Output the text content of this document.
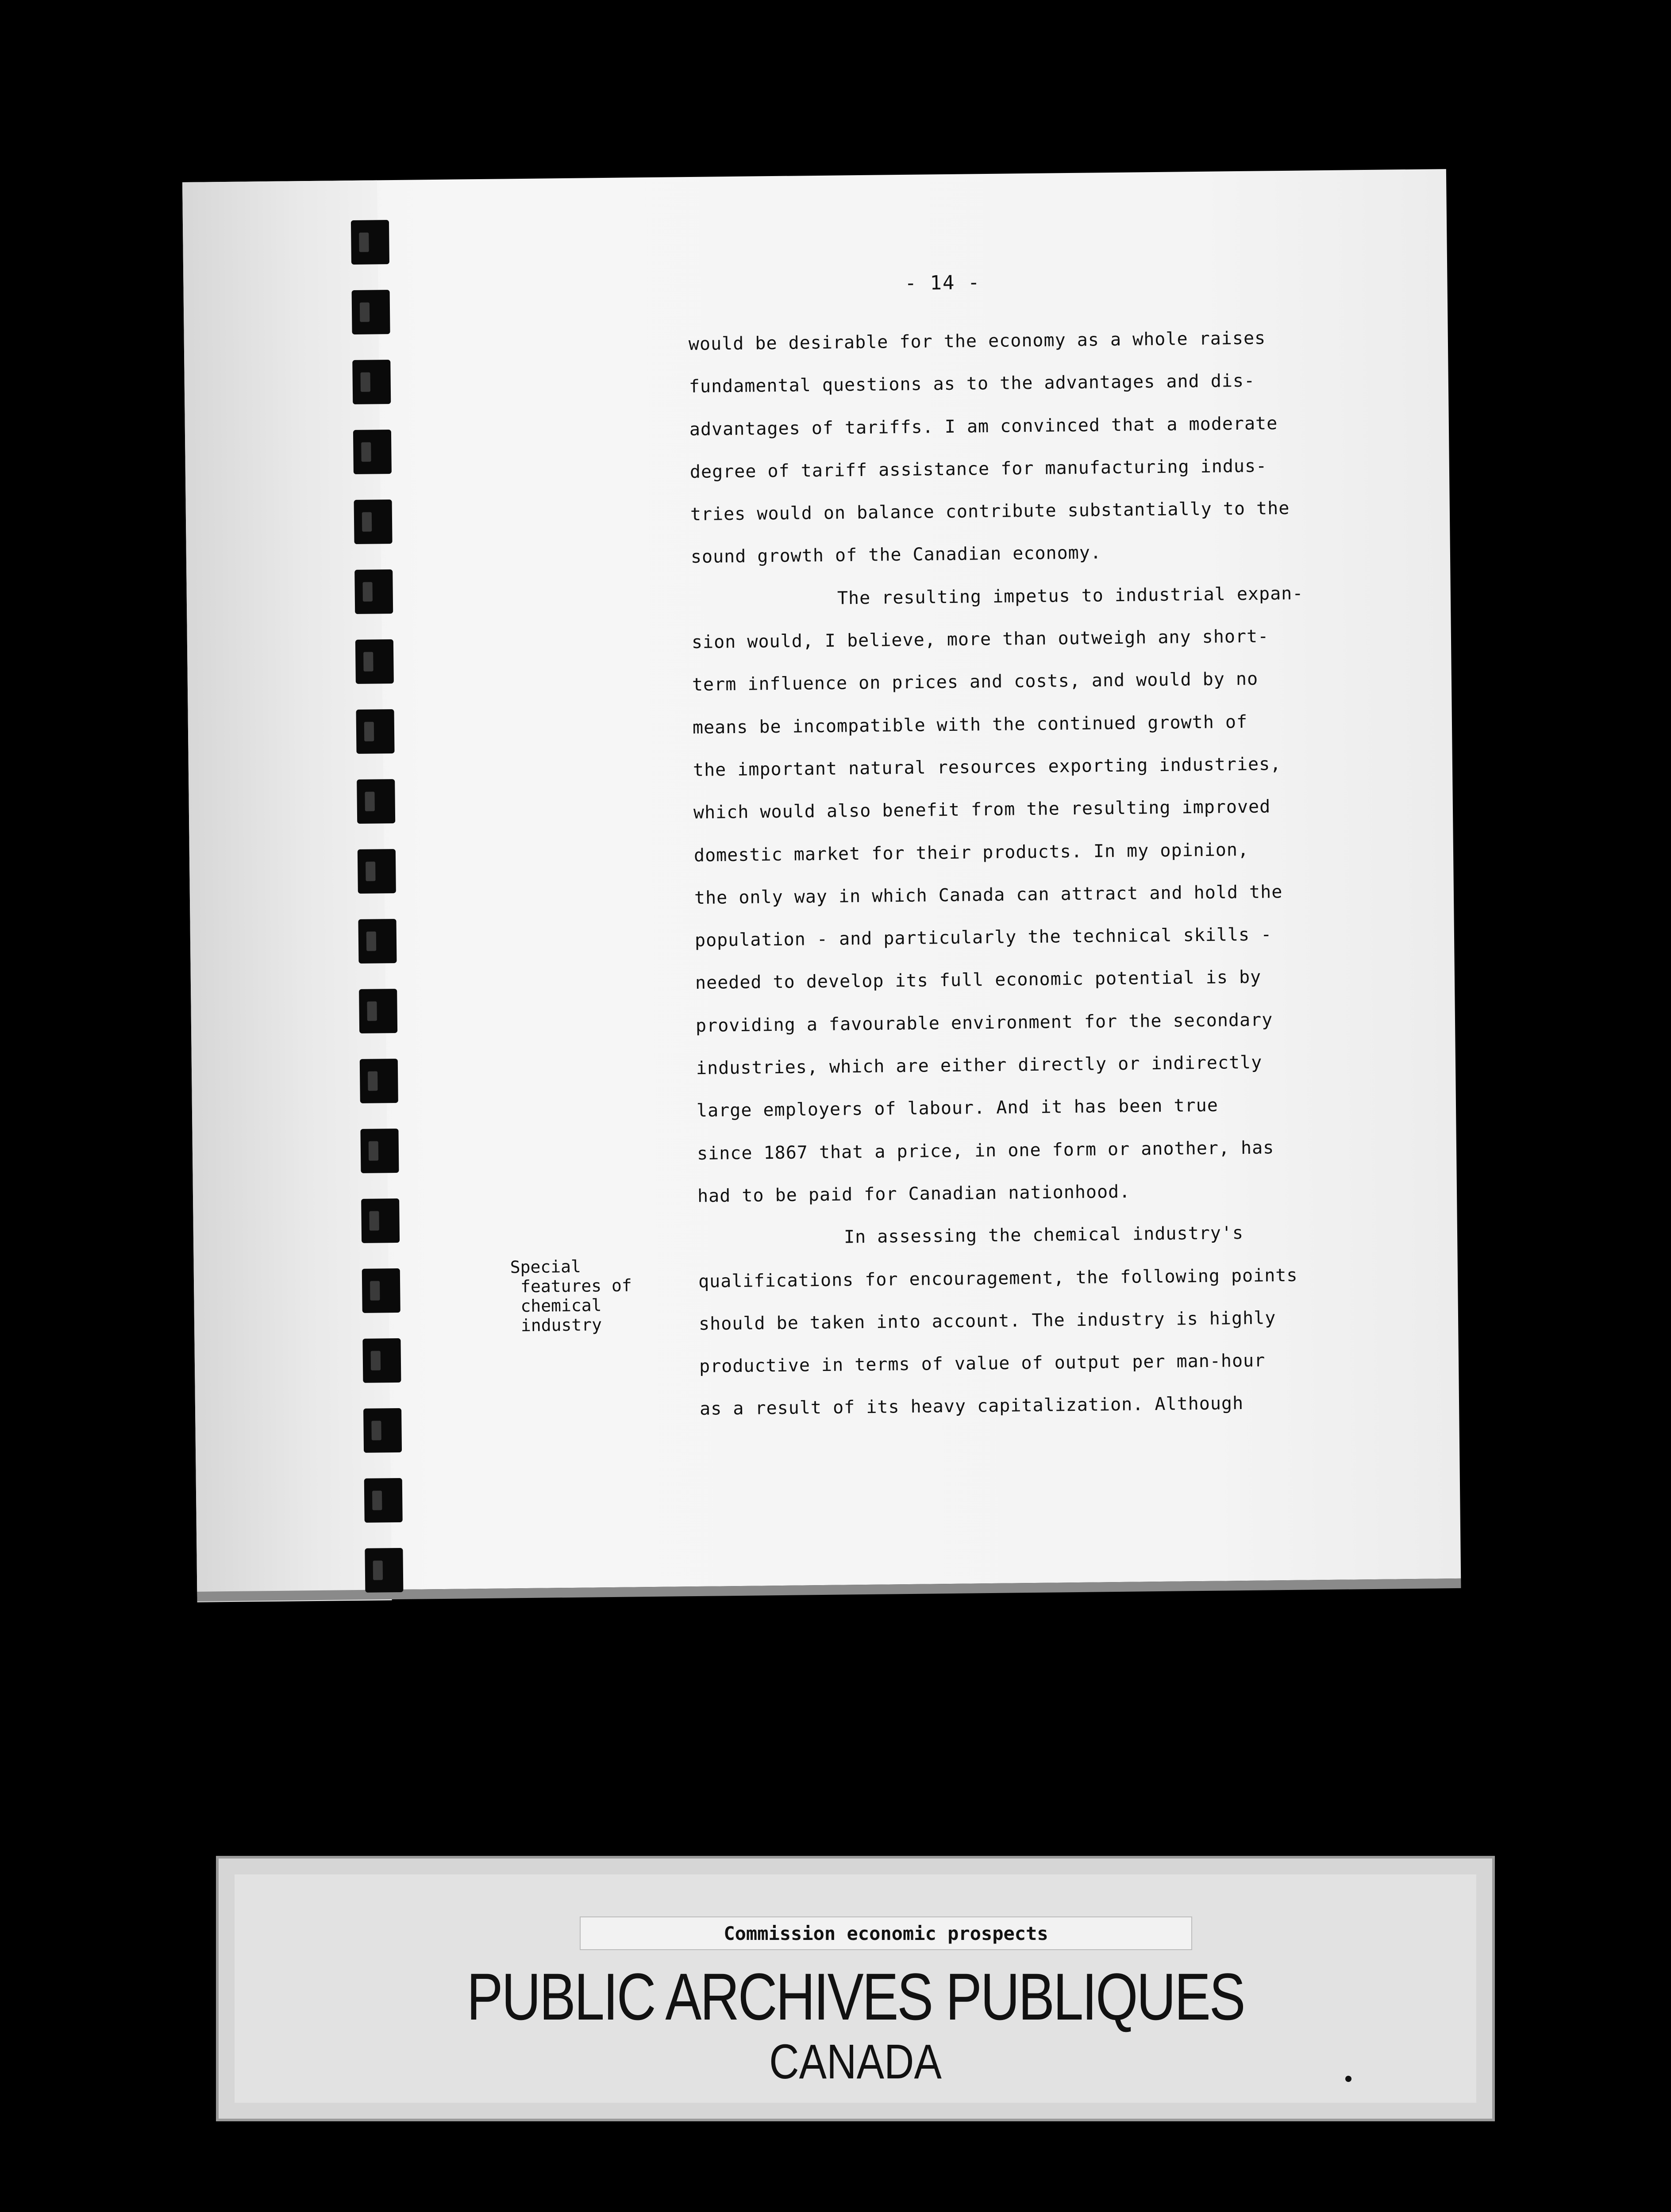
- 14 -
would be desirable for the economy as a whole raises
fundamental questions as to the advantages and dis-
advantages of tariffs. I am convinced that a moderate
degree of tariff assistance for manufacturing indus-
tries would on balance contribute substantially to the
sound growth of the Canadian economy.
The resulting impetus to industrial expan-
sion would, I believe, more than outweigh any short-
term influence on prices and costs, and would by no
means be incompatible with the continued growth of
the important natural resources exporting industries,
which would also benefit from the resulting improved
domestic market for their products. In my opinion,
the only way in which Canada can attract and hold the
population - and particularly the technical skills -
needed to develop its full economic potential is by
providing a favourable environment for the secondary
industries, which are either directly or indirectly
large employers of labour. And it has been true
since 1867 that a price, in one form or another, has
had to be paid for Canadian nationhood.
In assessing the chemical industry's
qualifications for encouragement, the following points
should be taken into account. The industry is highly
productive in terms of value of output per man-hour
as a result of its heavy capitalization. Although
Special
features of
chemical
industry
Commission economic prospects
PUBLIC ARCHIVES PUBLIQUES
CANADA
